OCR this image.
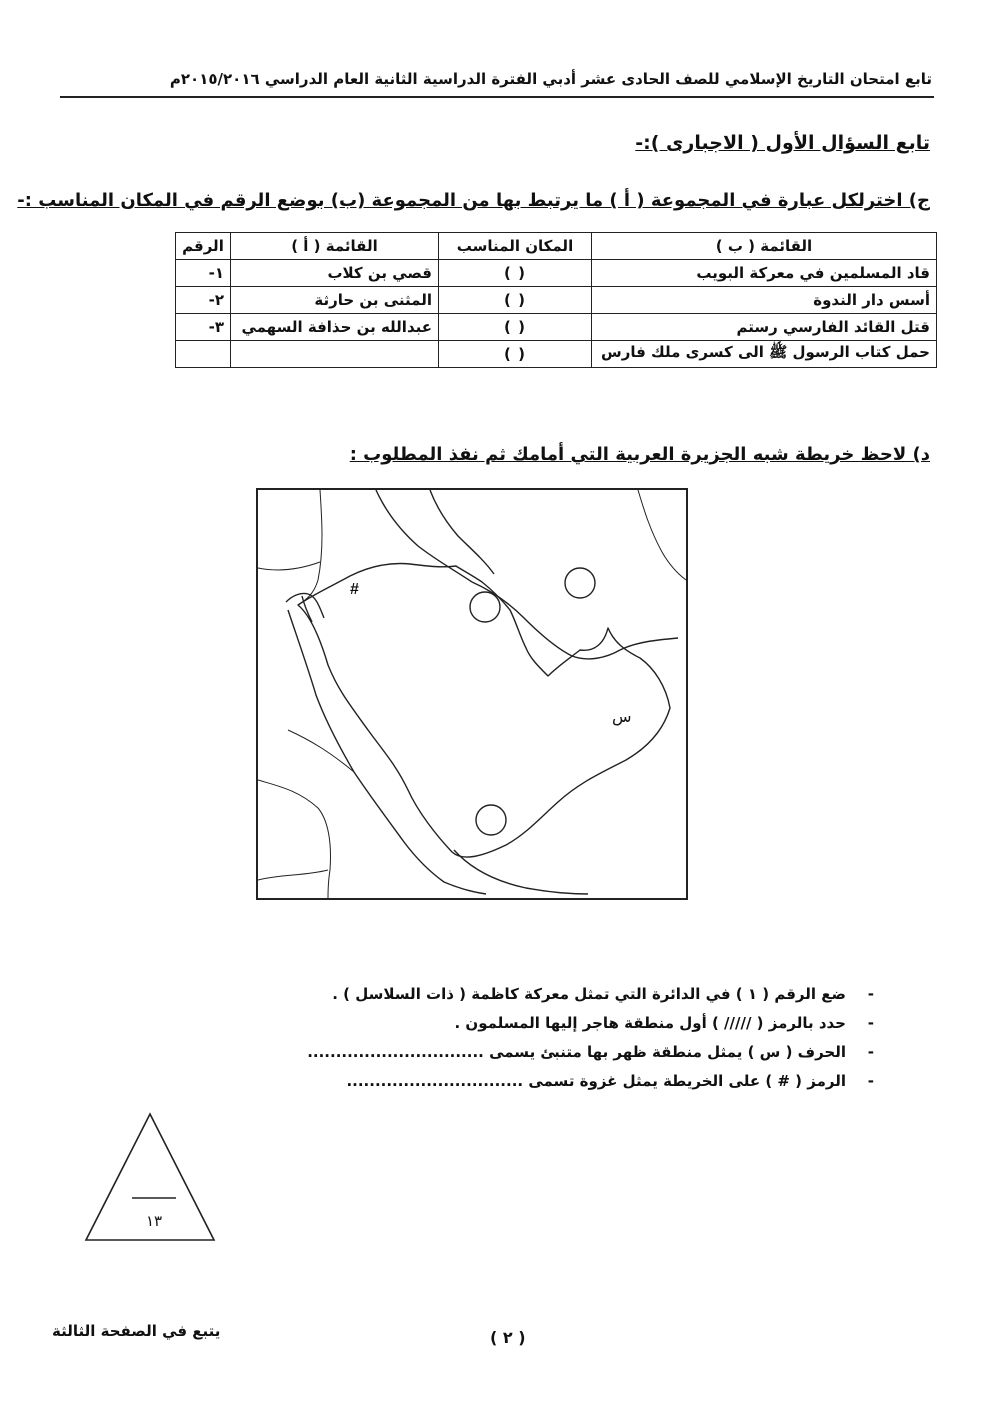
تابع امتحان التاريخ الإسلامي للصف الحادى عشر أدبي الفترة الدراسية الثانية العام الدراسي ٢٠١٥/٢٠١٦م
تابع السؤال الأول ( الاجبارى ):-
ج) اخترلكل عبارة في المجموعة ( أ ) ما يرتبط بها من المجموعة (ب) بوضع الرقم في المكان المناسب :-
القائمة ( ب )	المكان المناسب	القائمة ( أ )	الرقم
قاد المسلمين في معركة البويب	( )	قصي بن كلاب	١-
أسس دار الندوة	( )	المثنى بن حارثة	٢-
قتل القائد الفارسي رستم	( )	عبدالله بن حذافة السهمي	٣-
حمل كتاب الرسول ﷺ الى كسرى ملك فارس	( )		
د) لاحظ خريطة شبه الجزيرة العربية التي أمامك ثم نفذ المطلوب :
#
س
-
ضع الرقم ( ١ ) في الدائرة التي تمثل معركة كاظمة ( ذات السلاسل ) .
-
حدد بالرمز ( ///// ) أول منطقة هاجر إليها المسلمون .
-
الحرف ( س ) يمثل منطقة ظهر بها متنبئ يسمى ...............................
-
الرمز ( # ) على الخريطة يمثل غزوة تسمى ...............................
١٣
يتبع في الصفحة الثالثة	( ٢ )
